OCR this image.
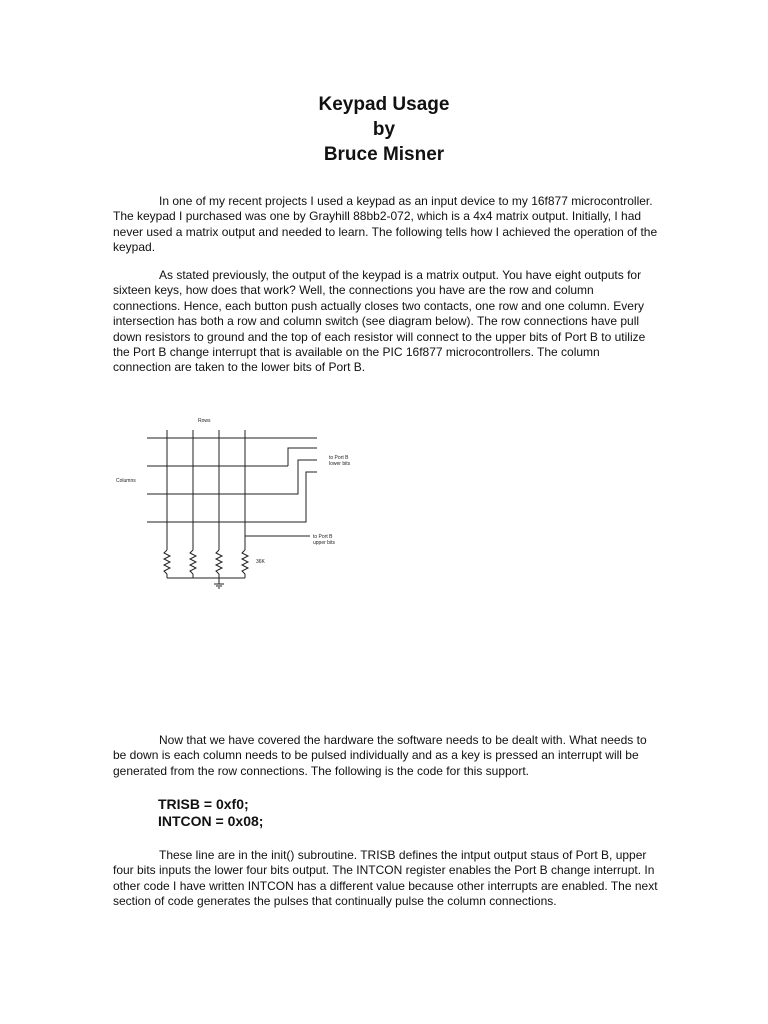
Keypad Usage
by
Bruce Misner

In one of my recent projects I used a keypad as an input device to my 16f877 microcontroller. The keypad I purchased was one by Grayhill 88bb2-072, which is a 4x4 matrix output. Initially, I had never used a matrix output and needed to learn. The following tells how I achieved the operation of the keypad.

As stated previously, the output of the keypad is a matrix output. You have eight outputs for sixteen keys, how does that work? Well, the connections you have are the row and column connections. Hence, each button push actually closes two contacts, one row and one column. Every intersection has both a row and column switch (see diagram below). The row connections have pull down resistors to ground and the top of each resistor will connect to the upper bits of Port B to utilize the Port B change interrupt that is available on the PIC 16f877 microcontrollers. The column connection are taken to the lower bits of Port B.

Rows
Columns
to Port B
lower bits
to Port B
upper bits
36K

Now that we have covered the hardware the software needs to be dealt with. What needs to be down is each column needs to be pulsed individually and as a key is pressed an interrupt will be generated from the row connections. The following is the code for this support.

TRISB = 0xf0;
INTCON = 0x08;

These line are in the init() subroutine. TRISB defines the intput output staus of Port B, upper four bits inputs the lower four bits output. The INTCON register enables the Port B change interrupt. In other code I have written INTCON has a different value because other interrupts are enabled. The next section of code generates the pulses that continually pulse the column connections.
